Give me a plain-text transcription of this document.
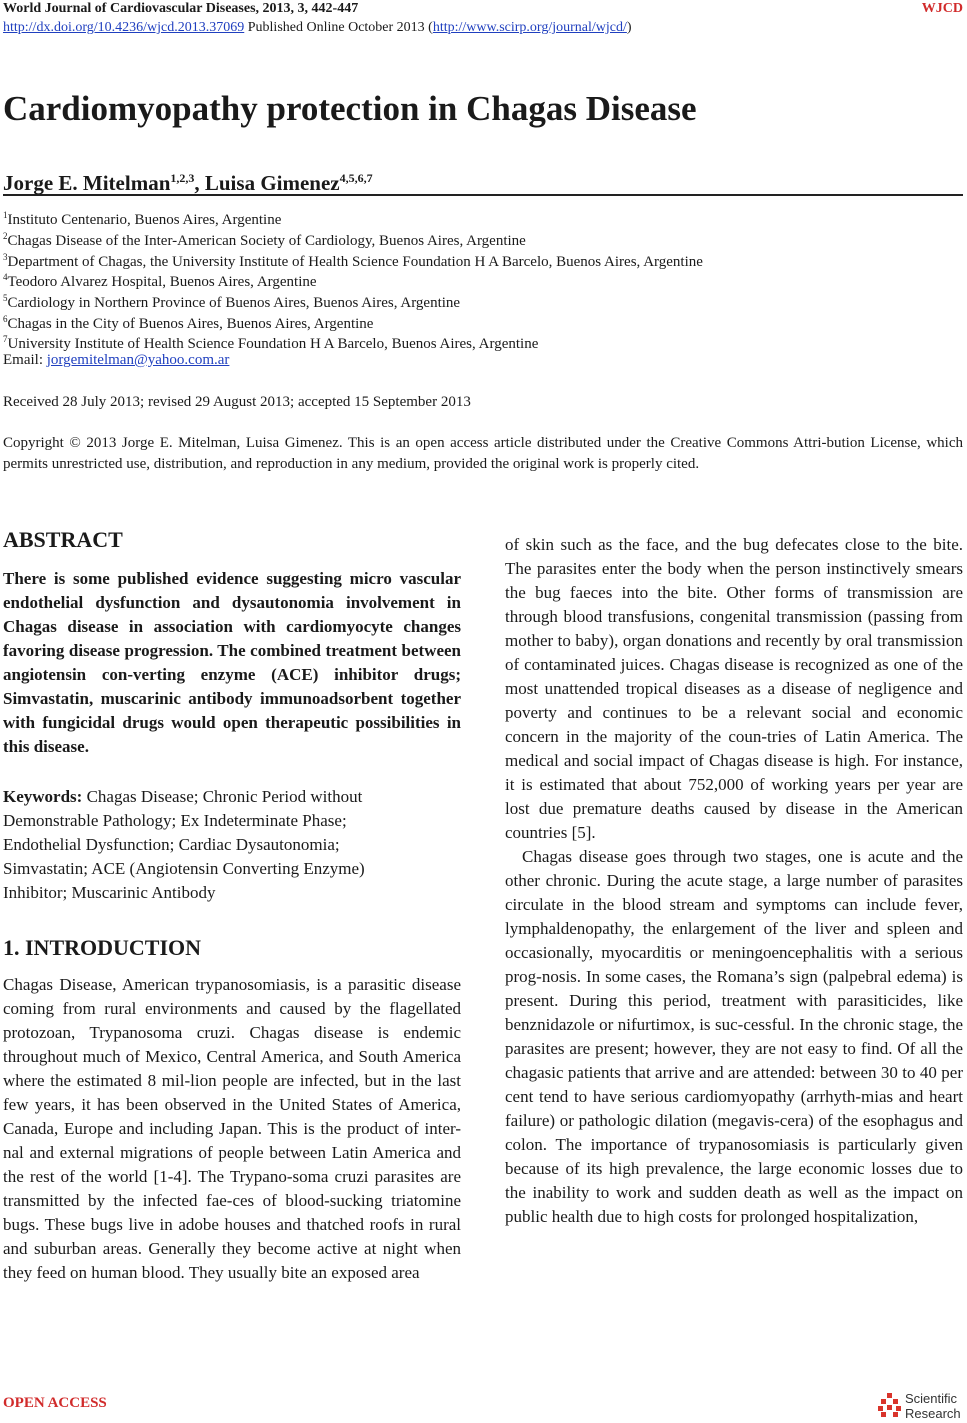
World Journal of Cardiovascular Diseases, 2013, 3, 442-447	WJCD
http://dx.doi.org/10.4236/wjcd.2013.37069 Published Online October 2013 (http://www.scirp.org/journal/wjcd/)
Cardiomyopathy protection in Chagas Disease
Jorge E. Mitelman$^{1,2,3}$, Luisa Gimenez$^{4,5,6,7}$
$^1$Instituto Centenario, Buenos Aires, Argentine
$^2$Chagas Disease of the Inter-American Society of Cardiology, Buenos Aires, Argentine
$^3$Department of Chagas, the University Institute of Health Science Foundation H A Barcelo, Buenos Aires, Argentine
$^4$Teodoro Alvarez Hospital, Buenos Aires, Argentine
$^5$Cardiology in Northern Province of Buenos Aires, Buenos Aires, Argentine
$^6$Chagas in the City of Buenos Aires, Buenos Aires, Argentine
$^7$University Institute of Health Science Foundation H A Barcelo, Buenos Aires, Argentine
Email: jorgemitelman@yahoo.com.ar
Received 28 July 2013; revised 29 August 2013; accepted 15 September 2013
Copyright © 2013 Jorge E. Mitelman, Luisa Gimenez. This is an open access article distributed under the Creative Commons Attri-bution License, which permits unrestricted use, distribution, and reproduction in any medium, provided the original work is properly cited.
ABSTRACT
There is some published evidence suggesting micro vascular endothelial dysfunction and dysautonomia involvement in Chagas disease in association with cardiomyocyte changes favoring disease progression. The combined treatment between angiotensin con-verting enzyme (ACE) inhibitor drugs; Simvastatin, muscarinic antibody immunoadsorbent together with fungicidal drugs would open therapeutic possibilities in this disease.
Keywords: Chagas Disease; Chronic Period without
Demonstrable Pathology; Ex Indeterminate Phase;
Endothelial Dysfunction; Cardiac Dysautonomia;
Simvastatin; ACE (Angiotensin Converting Enzyme)
Inhibitor; Muscarinic Antibody
1. INTRODUCTION

Chagas Disease, American trypanosomiasis, is a parasitic disease coming from rural environments and caused by the flagellated protozoan, Trypanosoma cruzi. Chagas disease is endemic throughout much of Mexico, Central America, and South America where the estimated 8 mil-lion people are infected, but in the last few years, it has been observed in the United States of America, Canada, Europe and including Japan. This is the product of inter-nal and external migrations of people between Latin America and the rest of the world [1-4]. The Trypano-soma cruzi parasites are transmitted by the infected fae-ces of blood-sucking triatomine bugs. These bugs live in adobe houses and thatched roofs in rural and suburban areas. Generally they become active at night when they feed on human blood. They usually bite an exposed area

of skin such as the face, and the bug defecates close to the bite. The parasites enter the body when the person instinctively smears the bug faeces into the bite. Other forms of transmission are through blood transfusions, congenital transmission (passing from mother to baby), organ donations and recently by oral transmission of contaminated juices. Chagas disease is recognized as one of the most unattended tropical diseases as a disease of negligence and poverty and continues to be a relevant social and economic concern in the majority of the coun-tries of Latin America. The medical and social impact of Chagas disease is high. For instance, it is estimated that about 752,000 of working years per year are lost due premature deaths caused by disease in the American countries [5].

Chagas disease goes through two stages, one is acute and the other chronic. During the acute stage, a large number of parasites circulate in the blood stream and symptoms can include fever, lymphaldenopathy, the enlargement of the liver and spleen and occasionally, myocarditis or meningoencephalitis with a serious prog-nosis. In some cases, the Romana’s sign (palpebral edema) is present. During this period, treatment with parasiticides, like benznidazole or nifurtimox, is suc-cessful. In the chronic stage, the parasites are present; however, they are not easy to find. Of all the chagasic patients that arrive and are attended: between 30 to 40 per cent tend to have serious cardiomyopathy (arrhyth-mias and heart failure) or pathologic dilation (megavis-cera) of the esophagus and colon. The importance of trypanosomiasis is particularly given because of its high prevalence, the large economic losses due to the inability to work and sudden death as well as the impact on public health due to high costs for prolonged hospitalization,

OPEN ACCESS	Scientific
Research
